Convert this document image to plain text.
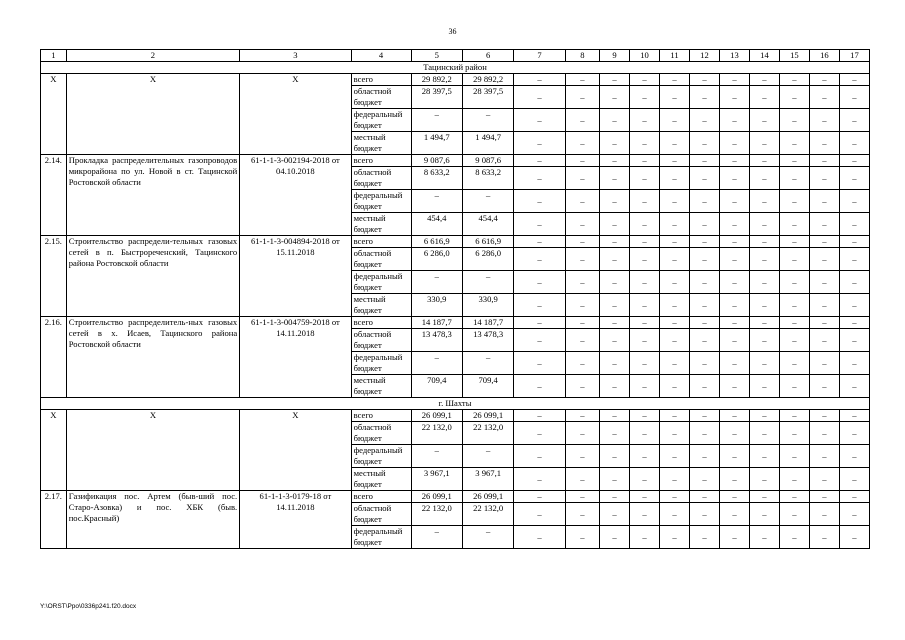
36
1	2	3	4	5	6	7	8	9	10	11	12	13	14	15	16	17
Тацинский район																
X	X	X	всего	29 892,2	29 892,2	–	–	–	–	–	–	–	–	–	–	–
			областной бюджет	28 397,5	28 397,5	–	–	–	–	–	–	–	–	–	–	–
			федеральный бюджет	–	–	–	–	–	–	–	–	–	–	–	–	–
			местный бюджет	1 494,7	1 494,7	–	–	–	–	–	–	–	–	–	–	–
2.14.	Прокладка распределительных газопроводов микрорайона по ул. Новой в ст. Тацинской Ростовской области	61-1-1-3-002194-2018 от 04.10.2018	всего	9 087,6	9 087,6	–	–	–	–	–	–	–	–	–	–	–
			областной бюджет	8 633,2	8 633,2	–	–	–	–	–	–	–	–	–	–	–
			федеральный бюджет	–	–	–	–	–	–	–	–	–	–	–	–	–
			местный бюджет	454,4	454,4	–	–	–	–	–	–	–	–	–	–	–
2.15.	Строительство распредели-тельных газовых сетей в п. Быстрореченский, Тацинского района Ростовской области	61-1-1-3-004894-2018 от 15.11.2018	всего	6 616,9	6 616,9	–	–	–	–	–	–	–	–	–	–	–
			областной бюджет	6 286,0	6 286,0	–	–	–	–	–	–	–	–	–	–	–
			федеральный бюджет	–	–	–	–	–	–	–	–	–	–	–	–	–
			местный бюджет	330,9	330,9	–	–	–	–	–	–	–	–	–	–	–
2.16.	Строительство распределитель-ных газовых сетей в х. Исаев, Тацинского района Ростовской области	61-1-1-3-004759-2018 от 14.11.2018	всего	14 187,7	14 187,7	–	–	–	–	–	–	–	–	–	–	–
			областной бюджет	13 478,3	13 478,3	–	–	–	–	–	–	–	–	–	–	–
			федеральный бюджет	–	–	–	–	–	–	–	–	–	–	–	–	–
			местный бюджет	709,4	709,4	–	–	–	–	–	–	–	–	–	–	–
г. Шахты																
X	X	X	всего	26 099,1	26 099,1	–	–	–	–	–	–	–	–	–	–	–
			областной бюджет	22 132,0	22 132,0	–	–	–	–	–	–	–	–	–	–	–
			федеральный бюджет	–	–	–	–	–	–	–	–	–	–	–	–	–
			местный бюджет	3 967,1	3 967,1	–	–	–	–	–	–	–	–	–	–	–
2.17.	Газификация пос. Артем (быв-ший пос. Старо-Азовка) и пос. ХБК (быв. пос.Красный)	61-1-1-3-0179-18 от 14.11.2018	всего	26 099,1	26 099,1	–	–	–	–	–	–	–	–	–	–	–
			областной бюджет	22 132,0	22 132,0	–	–	–	–	–	–	–	–	–	–	–
			федеральный бюджет	–	–	–	–	–	–	–	–	–	–	–	–	–
Y:\ORST\Ppo\0336p241.f20.docx
